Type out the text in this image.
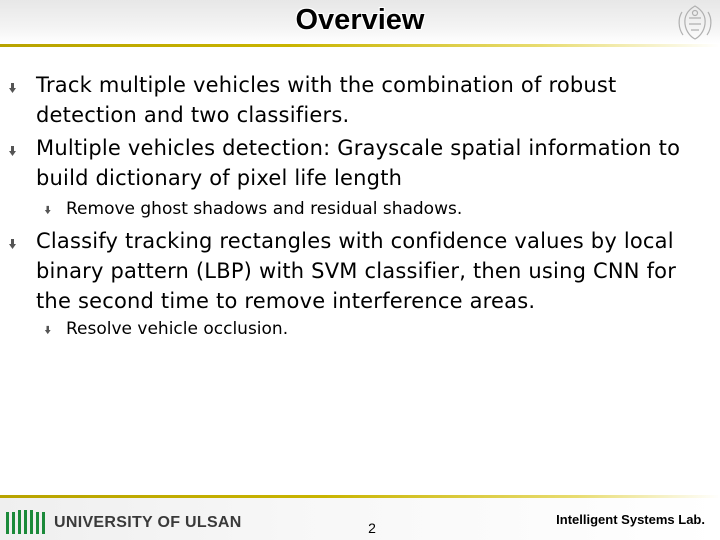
Overview
Track multiple vehicles with the combination of robust detection and two classifiers.
Multiple vehicles detection: Grayscale spatial information to build dictionary of pixel life length
Remove ghost shadows and residual shadows.
Classify tracking rectangles with confidence values by local binary pattern (LBP) with SVM classifier, then using CNN for the second time to remove interference areas.
Resolve vehicle occlusion.
UNIVERSITY OF ULSAN	2
Intelligent Systems Lab.
